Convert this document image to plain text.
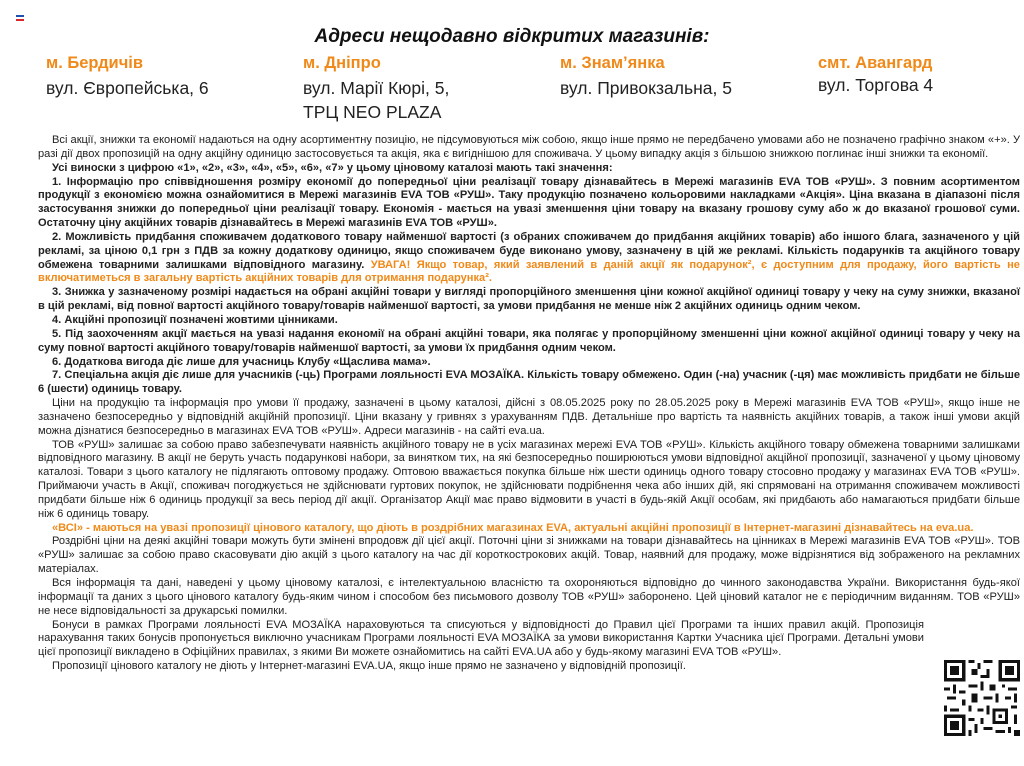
Адреси нещодавно відкритих магазинів:
м. Бердичів
вул. Європейська, 6
м. Дніпро
вул. Марії Кюрі, 5,
ТРЦ NEO PLAZA
м. Знам’янка
вул. Привокзальна, 5
смт. Авангард
вул. Торгова 4

Всі акції, знижки та економії надаються на одну асортиментну позицію, не підсумовуються між собою, якщо інше прямо не передбачено умовами або не позначено графічно знаком «+». У разі дії двох пропозицій на одну акційну одиницю застосовується та акція, яка є вигіднішою для споживача. У цьому випадку акція з більшою знижкою поглинає інші знижки та економії.

Усі виноски з цифрою «1», «2», «3», «4», «5», «6», «7» у цьому ціновому каталозі мають такі значення:

1. Інформацію про співвідношення розміру економії до попередньої ціни реалізації товару дізнавайтесь в Мережі магазинів EVA ТОВ «РУШ». З повним асортиментом продукції з економією можна ознайомитися в Мережі магазинів EVA ТОВ «РУШ». Таку продукцію позначено кольоровими накладками «Акція». Ціна вказана в діапазоні після застосування знижки до попередньої ціни реалізації товару. Економія - мається на увазі зменшення ціни товару на вказану грошову суму або ж до вказаної грошової суми. Остаточну ціну акційних товарів дізнавайтесь в Мережі магазинів EVA ТОВ «РУШ».

2. Можливість придбання споживачем додаткового товару найменшої вартості (з обраних споживачем до придбання акційних товарів) або іншого блага, зазначеного у цій рекламі, за ціною 0,1 грн з ПДВ за кожну додаткову одиницю, якщо споживачем буде виконано умову, зазначену в цій же рекламі. Кількість подарунків та акційного товару обмежена товарними залишками відповідного магазину. УВАГА! Якщо товар, який заявлений в даній акції як подарунок², є доступним для продажу, його вартість не включатиметься в загальну вартість акційних товарів для отримання подарунка².

3. Знижка у зазначеному розмірі надається на обрані акційні товари у вигляді пропорційного зменшення ціни кожної акційної одиниці товару у чеку на суму знижки, вказаної в цій рекламі, від повної вартості акційного товару/товарів найменшої вартості, за умови придбання не менше ніж 2 акційних одиниць одним чеком.

4. Акційні пропозиції позначені жовтими цінниками.

5. Під заохоченням акції мається на увазі надання економії на обрані акційні товари, яка полягає у пропорційному зменшенні ціни кожної акційної одиниці товару у чеку на суму повної вартості акційного товару/товарів найменшої вартості, за умови їх придбання одним чеком.

6. Додаткова вигода діє лише для учасниць Клубу «Щаслива мама».

7. Спеціальна акція діє лише для учасників (-ць) Програми лояльності EVA МОЗАЇКА. Кількість товару обмежено. Один (-на) учасник (-ця) має можливість придбати не більше 6 (шести) одиниць товару.

Ціни на продукцію та інформація про умови її продажу, зазначені в цьому каталозі, дійсні з 08.05.2025 року по 28.05.2025 року в Мережі магазинів EVA ТОВ «РУШ», якщо інше не зазначено безпосередньо у відповідній акційній пропозиції. Ціни вказану у гривнях з урахуванням ПДВ. Детальніше про вартість та наявність акційних товарів, а також інші умови акцій можна дізнатися безпосередньо в магазинах EVA ТОВ «РУШ». Адреси магазинів - на сайті eva.ua.

ТОВ «РУШ» залишає за собою право забезпечувати наявність акційного товару не в усіх магазинах мережі EVA ТОВ «РУШ». Кількість акційного товару обмежена товарними залишками відповідного магазину. В акції не беруть участь подарункові набори, за винятком тих, на які безпосередньо поширюються умови відповідної акційної пропозиції, зазначеної у цьому ціновому каталозі. Товари з цього каталогу не підлягають оптовому продажу. Оптовою вважається покупка більше ніж шести одиниць одного товару стосовно продажу у магазинах EVA ТОВ «РУШ». Приймаючи участь в Акції, споживач погоджується не здійснювати гуртових покупок, не здійснювати подрібнення чека або інших дій, які спрямовані на отримання споживачем можливості придбати більше ніж 6 одиниць продукції за весь період дії акції. Організатор Акції має право відмовити в участі в будь-якій Акції особам, які придбають або намагаються придбати більше ніж 6 одиниць товару.

«ВСІ» - маються на увазі пропозиції цінового каталогу, що діють в роздрібних магазинах EVA, актуальні акційні пропозиції в Інтернет-магазині дізнавайтесь на eva.ua.

Роздрібні ціни на деякі акційні товари можуть бути змінені впродовж дії цієї акції. Поточні ціни зі знижками на товари дізнавайтесь на цінниках в Мережі магазинів EVA ТОВ «РУШ». ТОВ «РУШ» залишає за собою право скасовувати дію акцій з цього каталогу на час дії короткострокових акцій. Товар, наявний для продажу, може відрізнятися від зображеного на рекламних матеріалах.

Вся інформація та дані, наведені у цьому ціновому каталозі, є інтелектуальною власністю та охороняються відповідно до чинного законодавства України. Використання будь-якої інформації та даних з цього цінового каталогу будь-яким чином і способом без письмового дозволу ТОВ «РУШ» заборонено. Цей ціновий каталог не є періодичним виданням. ТОВ «РУШ» не несе відповідальності за друкарські помилки.

Бонуси в рамках Програми лояльності EVA МОЗАЇКА нараховуються та списуються у відповідності до Правил цієї Програми та інших правил акцій. Пропозиція нарахування таких бонусів пропонується виключно учасникам Програми лояльності EVA МОЗАЇКА за умови використання Картки Учасника цієї Програми. Детальні умови цієї пропозиції викладено в Офіційних правилах, з якими Ви можете ознайомитись на сайті EVA.UA або у будь-якому магазині EVA ТОВ «РУШ».

Пропозиції цінового каталогу не діють у Інтернет-магазині EVA.UA, якщо інше прямо не зазначено у відповідній пропозиції.
